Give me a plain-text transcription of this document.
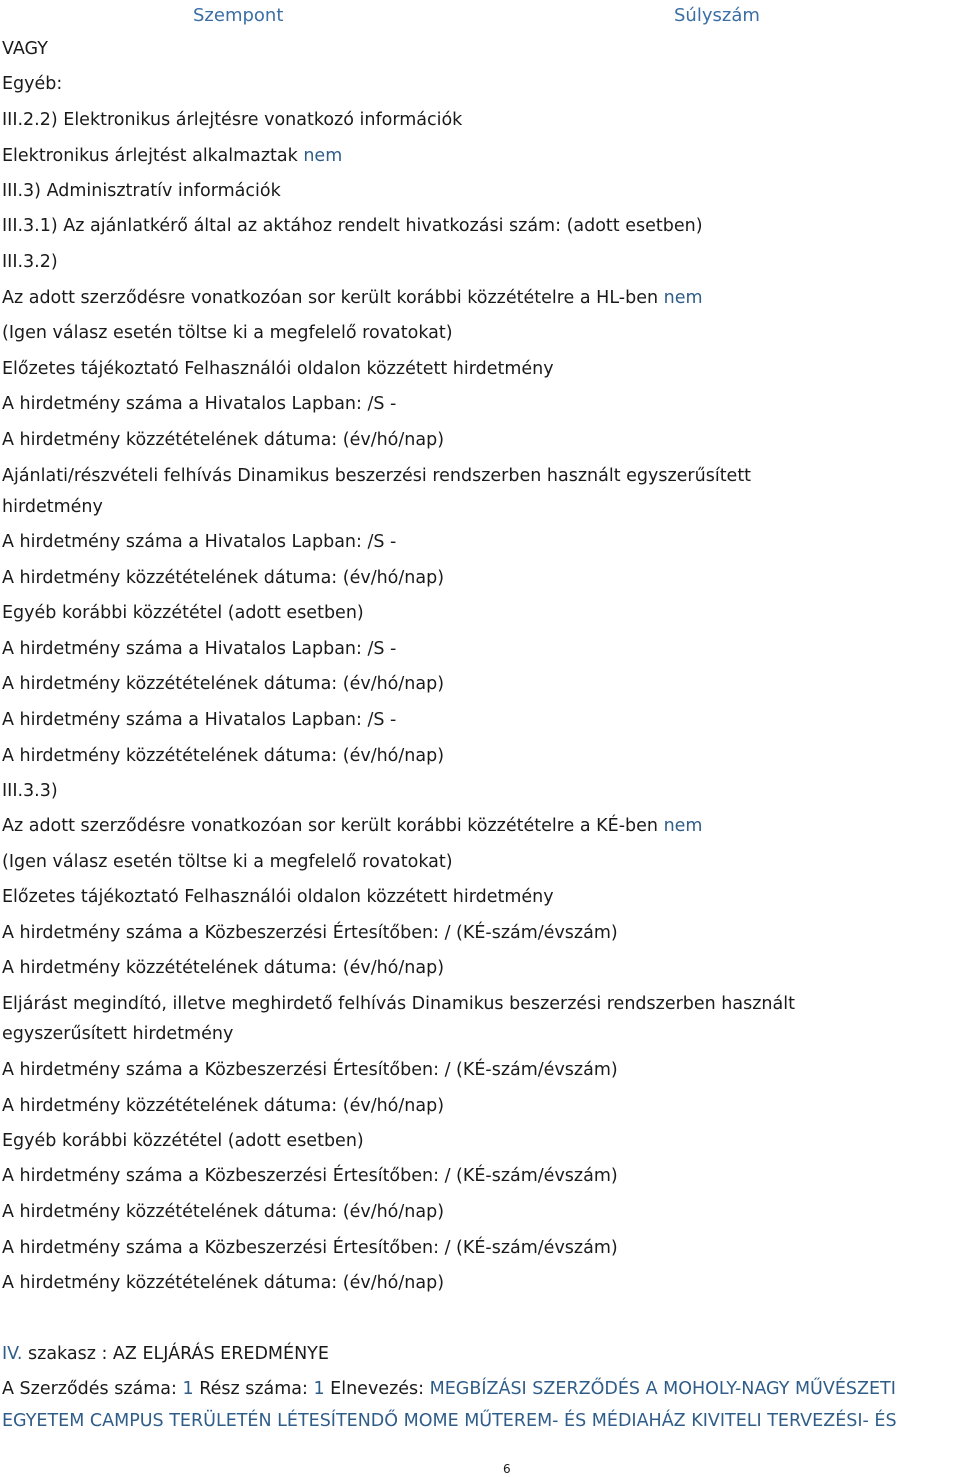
Szempont	Súlyszám
VAGY
Egyéb:
III.2.2) Elektronikus árlejtésre vonatkozó információk
Elektronikus árlejtést alkalmaztak nem
III.3) Adminisztratív információk
III.3.1) Az ajánlatkérő által az aktához rendelt hivatkozási szám: (adott esetben)
III.3.2)
Az adott szerződésre vonatkozóan sor került korábbi közzétételre a HL-ben nem
(Igen válasz esetén töltse ki a megfelelő rovatokat)
Előzetes tájékoztató Felhasználói oldalon közzétett hirdetmény
A hirdetmény száma a Hivatalos Lapban: /S -
A hirdetmény közzétételének dátuma: (év/hó/nap)
Ajánlati/részvételi felhívás Dinamikus beszerzési rendszerben használt egyszerűsített
hirdetmény
A hirdetmény száma a Hivatalos Lapban: /S -
A hirdetmény közzétételének dátuma: (év/hó/nap)
Egyéb korábbi közzététel (adott esetben)
A hirdetmény száma a Hivatalos Lapban: /S -
A hirdetmény közzétételének dátuma: (év/hó/nap)
A hirdetmény száma a Hivatalos Lapban: /S -
A hirdetmény közzétételének dátuma: (év/hó/nap)
III.3.3)
Az adott szerződésre vonatkozóan sor került korábbi közzétételre a KÉ-ben nem
(Igen válasz esetén töltse ki a megfelelő rovatokat)
Előzetes tájékoztató Felhasználói oldalon közzétett hirdetmény
A hirdetmény száma a Közbeszerzési Értesítőben: / (KÉ-szám/évszám)
A hirdetmény közzétételének dátuma: (év/hó/nap)
Eljárást megindító, illetve meghirdető felhívás Dinamikus beszerzési rendszerben használt
egyszerűsített hirdetmény
A hirdetmény száma a Közbeszerzési Értesítőben: / (KÉ-szám/évszám)
A hirdetmény közzétételének dátuma: (év/hó/nap)
Egyéb korábbi közzététel (adott esetben)
A hirdetmény száma a Közbeszerzési Értesítőben: / (KÉ-szám/évszám)
A hirdetmény közzétételének dátuma: (év/hó/nap)
A hirdetmény száma a Közbeszerzési Értesítőben: / (KÉ-szám/évszám)
A hirdetmény közzétételének dátuma: (év/hó/nap)
IV. szakasz : AZ ELJÁRÁS EREDMÉNYE
A Szerződés száma: 1 Rész száma: 1 Elnevezés: MEGBÍZÁSI SZERZŐDÉS A MOHOLY-NAGY MŰVÉSZETI
EGYETEM CAMPUS TERÜLETÉN LÉTESÍTENDŐ MOME MŰTEREM- ÉS MÉDIAHÁZ KIVITELI TERVEZÉSI- ÉS
6
